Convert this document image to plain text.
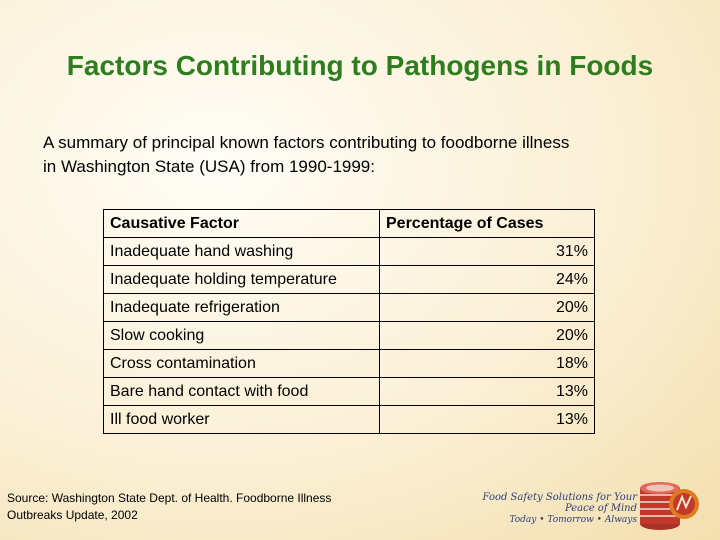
Factors Contributing to Pathogens in Foods
A summary of principal known factors contributing to foodborne illness
in Washington State (USA) from 1990-1999:
Causative Factor	Percentage of Cases
Inadequate hand washing	31%
Inadequate holding temperature	24%
Inadequate refrigeration	20%
Slow cooking	20%
Cross contamination	18%
Bare hand contact with food	13%
Ill food worker	13%
Source: Washington State Dept. of Health. Foodborne Illness
Outbreaks Update, 2002
Food Safety Solutions for Your Peace of Mind
Today • Tomorrow • Always
